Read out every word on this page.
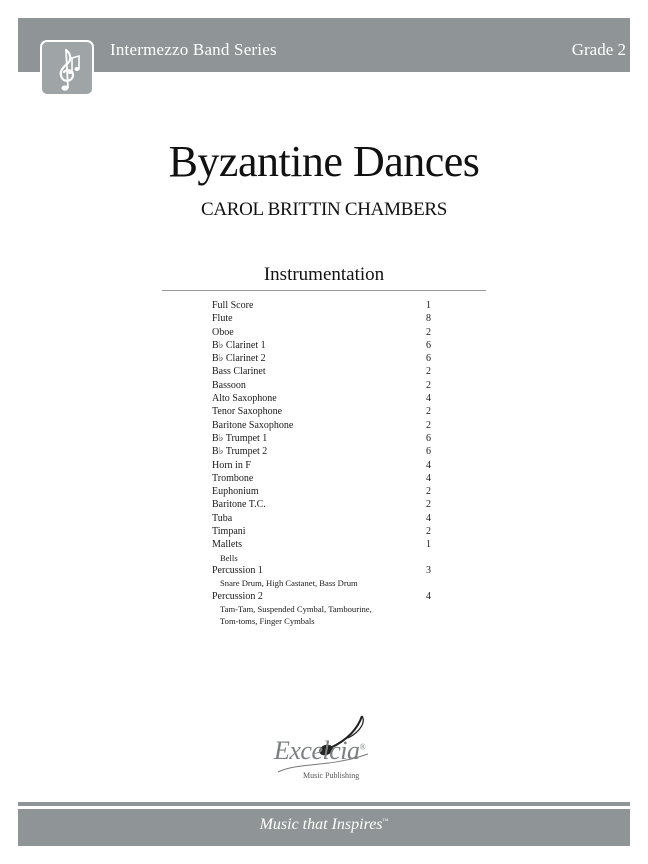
Intermezzo Band Series	Grade 2
Byzantine Dances
CAROL BRITTIN CHAMBERS
Instrumentation
Full Score	1
Flute	8
Oboe	2
B♭ Clarinet 1	6
B♭ Clarinet 2	6
Bass Clarinet	2
Bassoon	2
Alto Saxophone	4
Tenor Saxophone	2
Baritone Saxophone	2
B♭ Trumpet 1	6
B♭ Trumpet 2	6
Horn in F	4
Trombone	4
Euphonium	2
Baritone T.C.	2
Tuba	4
Timpani	2
Mallets	1
Bells
Percussion 1	3
Snare Drum, High Castanet, Bass Drum
Percussion 2	4
Tam-Tam, Suspended Cymbal, Tambourine,
Tom-toms, Finger Cymbals
Excelcia®
Music Publishing
Music that Inspires™
